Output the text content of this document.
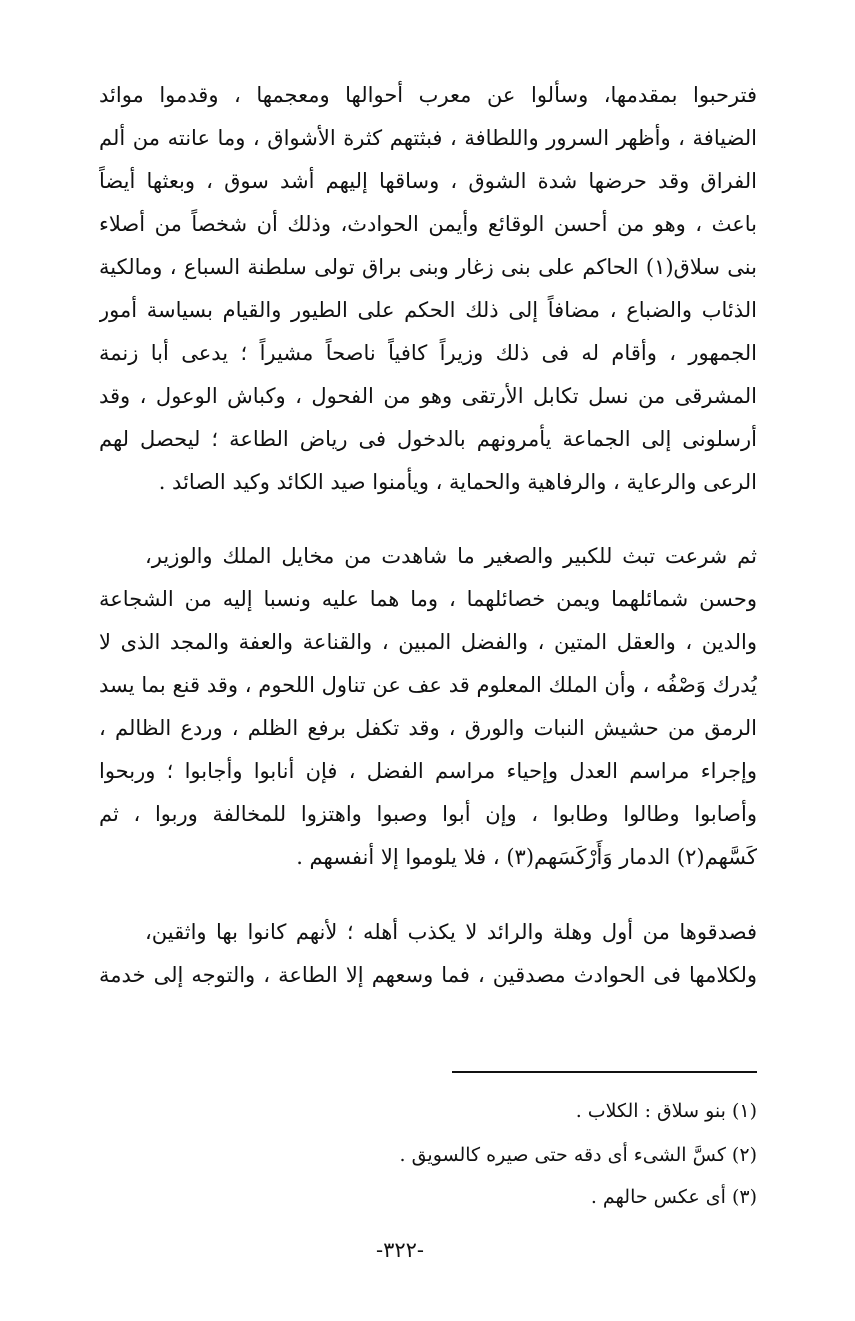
فترحبوا بمقدمها، وسألوا عن معرب أحوالها ومعجمها ، وقدموا موائد
الضيافة ، وأظهر السرور واللطافة ، فبثتهم كثرة الأشواق ، وما عانته من ألم
الفراق وقد حرضها شدة الشوق ، وساقها إليهم أشد سوق ، وبعثها أيضاً
باعث ، وهو من أحسن الوقائع وأيمن الحوادث، وذلك أن شخصاً من أصلاء
بنى سلاق(١) الحاكم على بنى زغار وبنى براق تولى سلطنة السباع ، ومالكية
الذئاب والضباع ، مضافاً إلى ذلك الحكم على الطيور والقيام بسياسة أمور
الجمهور ، وأقام له فى ذلك وزيراً كافياً ناصحاً مشيراً ؛ يدعى أبا زنمة
المشرقى من نسل تكابل الأرتقى وهو من الفحول ، وكباش الوعول ، وقد
أرسلونى إلى الجماعة يأمرونهم بالدخول فى رياض الطاعة ؛ ليحصل لهم
الرعى والرعاية ، والرفاهية والحماية ، ويأمنوا صيد الكائد وكيد الصائد .
ثم شرعت تبث للكبير والصغير ما شاهدت من مخايل الملك والوزير،
وحسن شمائلهما ويمن خصائلهما ، وما هما عليه ونسبا إليه من الشجاعة
والدين ، والعقل المتين ، والفضل المبين ، والقناعة والعفة والمجد الذى لا
يُدرك وَصْفُه ، وأن الملك المعلوم قد عف عن تناول اللحوم ، وقد قنع بما يسد
الرمق من حشيش النبات والورق ، وقد تكفل برفع الظلم ، وردع الظالم ،
وإجراء مراسم العدل وإحياء مراسم الفضل ، فإن أنابوا وأجابوا ؛ وربحوا
وأصابوا وطالوا وطابوا ، وإن أبوا وصبوا واهتزوا للمخالفة وربوا ، ثم
كَسَّهم(٢) الدمار وَأَرْكَسَهم(٣) ، فلا يلوموا إلا أنفسهم .
فصدقوها من أول وهلة والرائد لا يكذب أهله ؛ لأنهم كانوا بها واثقين،
ولكلامها فى الحوادث مصدقين ، فما وسعهم إلا الطاعة ، والتوجه إلى خدمة
(١) بنو سلاق : الكلاب .
(٢) كسَّ الشىء أى دقه حتى صيره كالسويق .
(٣) أى عكس حالهم .
-٣٢٢-
